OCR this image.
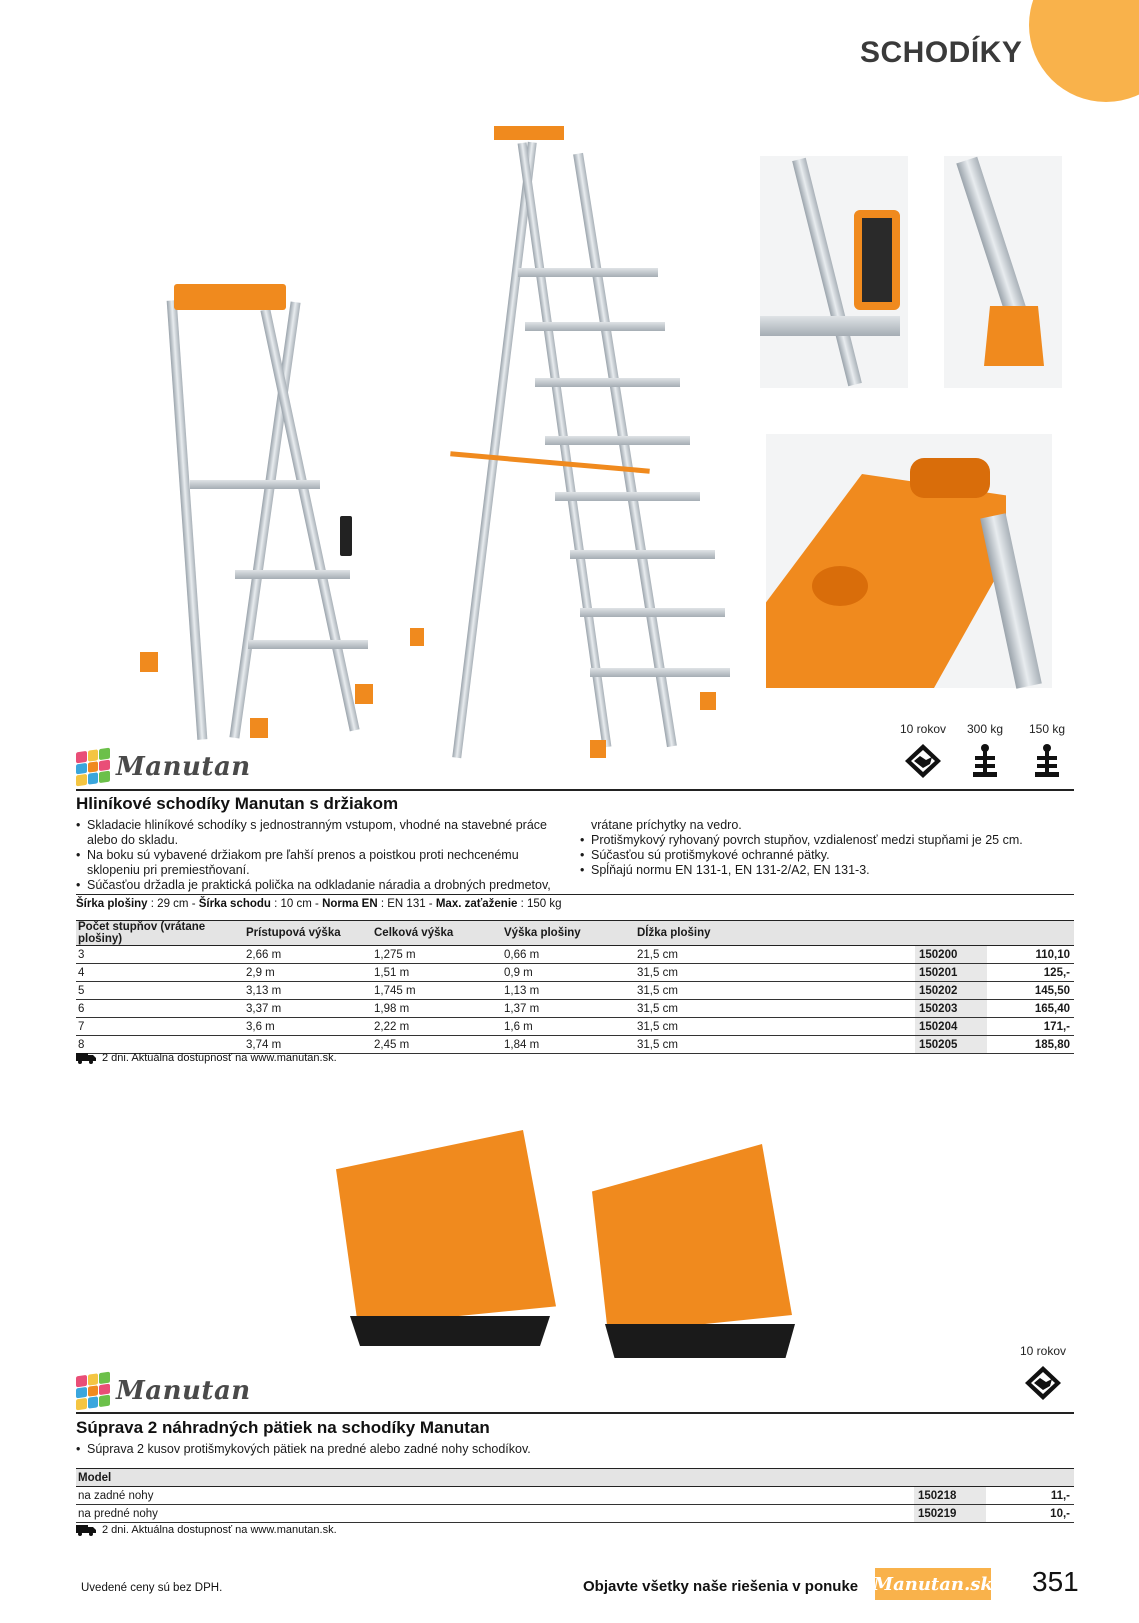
SCHODÍKY
Manutan
10 rokov 300 kg 150 kg
Hliníkové schodíky Manutan s držiakom
• Skladacie hliníkové schodíky s jednostranným vstupom, vhodné na stavebné práce
alebo do skladu.
• Na boku sú vybavené držiakom pre ľahší prenos a poistkou proti nechcenému
sklopeniu pri premiestňovaní.
• Súčasťou držadla je praktická polička na odkladanie náradia a drobných predmetov,
vrátane príchytky na vedro.
• Protišmykový ryhovaný povrch stupňov, vzdialenosť medzi stupňami je 25 cm.
• Súčasťou sú protišmykové ochranné pätky.
• Spĺňajú normu EN 131-1, EN 131-2/A2, EN 131-3.
Šírka plošiny : 29 cm - Šírka schodu : 10 cm - Norma EN : EN 131 - Max. zaťaženie : 150 kg
Počet stupňov (vrátane plošiny)	Prístupová výška	Celková výška	Výška plošiny	Dĺžka plošiny		
3	2,66 m	1,275 m	0,66 m	21,5 cm	150200	110,10
4	2,9 m	1,51 m	0,9 m	31,5 cm	150201	125,-
5	3,13 m	1,745 m	1,13 m	31,5 cm	150202	145,50
6	3,37 m	1,98 m	1,37 m	31,5 cm	150203	165,40
7	3,6 m	2,22 m	1,6 m	31,5 cm	150204	171,-
8	3,74 m	2,45 m	1,84 m	31,5 cm	150205	185,80
2 dni. Aktuálna dostupnosť na www.manutan.sk.
Manutan
10 rokov
Súprava 2 náhradných pätiek na schodíky Manutan
• Súprava 2 kusov protišmykových pätiek na predné alebo zadné nohy schodíkov.
Model		
na zadné nohy	150218	11,-
na predné nohy	150219	10,-
2 dni. Aktuálna dostupnosť na www.manutan.sk.
Uvedené ceny sú bez DPH.	Objavte všetky naše riešenia v ponuke Manutan.sk 351
